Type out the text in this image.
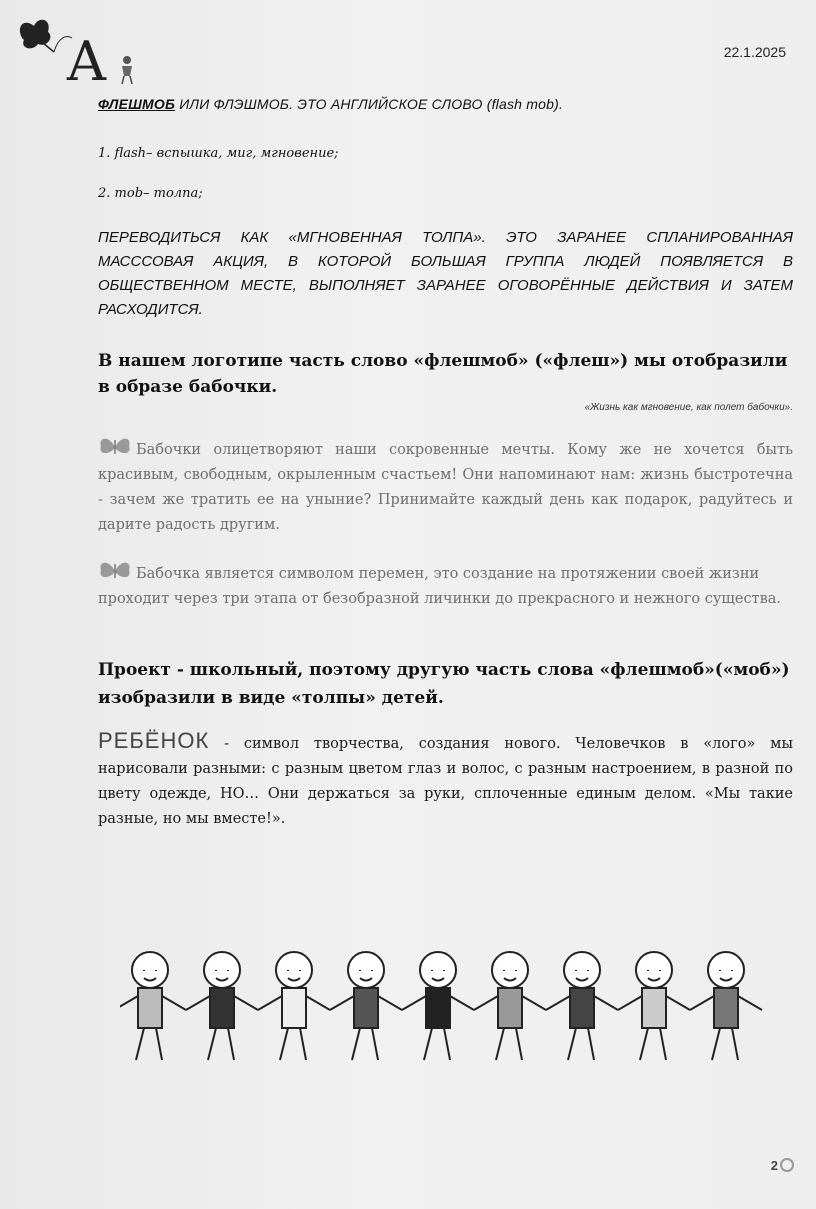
А	22.1.2025
ФЛЕШМОБ ИЛИ ФЛЭШМОБ. ЭТО АНГЛИЙСКОЕ СЛОВО (flash mob).
1. flash– вспышка, миг, мгновение;
2. mob– толпа;
ПЕРЕВОДИТЬСЯ КАК «МГНОВЕННАЯ ТОЛПА». ЭТО ЗАРАНЕЕ СПЛАНИРОВАННАЯ МАСССОВАЯ АКЦИЯ, В КОТОРОЙ БОЛЬШАЯ ГРУППА ЛЮДЕЙ ПОЯВЛЯЕТСЯ В ОБЩЕСТВЕННОМ МЕСТЕ, ВЫПОЛНЯЕТ ЗАРАНЕЕ ОГОВОРЁННЫЕ ДЕЙСТВИЯ И ЗАТЕМ РАСХОДИТСЯ.
В нашем логотипе часть слово «флешмоб» («флеш») мы отобразили в образе бабочки.
«Жизнь как мгновение, как полет бабочки».
Бабочки олицетворяют наши сокровенные мечты. Кому же не хочется быть красивым, свободным, окрыленным счастьем! Они напоминают нам: жизнь быстротечна - зачем же тратить ее на уныние? Принимайте каждый день как подарок, радуйтесь и дарите радость другим.
Бабочка является символом перемен, это создание на протяжении своей жизни проходит через три этапа от безобразной личинки до прекрасного и нежного существа.
Проект - школьный, поэтому другую часть слова «флешмоб»(«моб») изобразили в виде «толпы» детей.
РЕБЁНОК - символ творчества, создания нового. Человечков в «лого» мы нарисовали разными: с разным цветом глаз и волос, с разным настроением, в разной по цвету одежде, НО… Они держаться за руки, сплоченные единым делом. «Мы такие разные, но мы вместе!».
2
